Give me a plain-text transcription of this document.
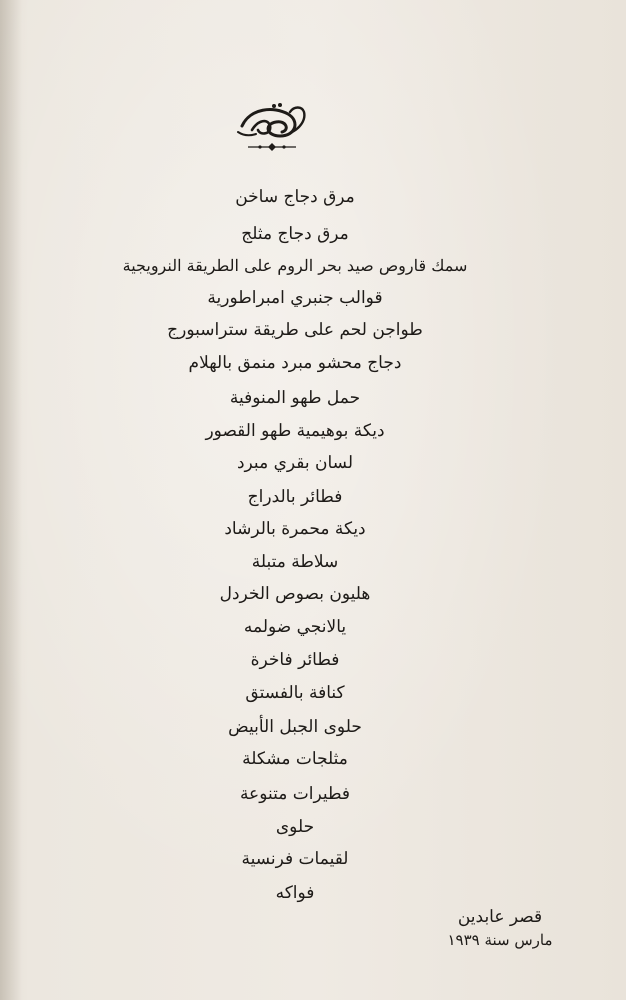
مرق دجاج ساخن
مرق دجاج مثلج
سمك قاروص صيد بحر الروم على الطريقة النرويجية
قوالب جنبري امبراطورية
طواجن لحم على طريقة ستراسبورج
دجاج محشو مبرد منمق بالهلام
حمل طهو المنوفية
ديكة بوهيمية طهو القصور
لسان بقري مبرد
فطائر بالدراج
ديكة محمرة بالرشاد
سلاطة متبلة
هليون بصوص الخردل
يالانجي ضولمه
فطائر فاخرة
كنافة بالفستق
حلوى الجبل الأبيض
مثلجات مشكلة
فطيرات متنوعة
حلوى
لقيمات فرنسية
فواكه
قصر عابدين
مارس سنة ١٩٣٩
